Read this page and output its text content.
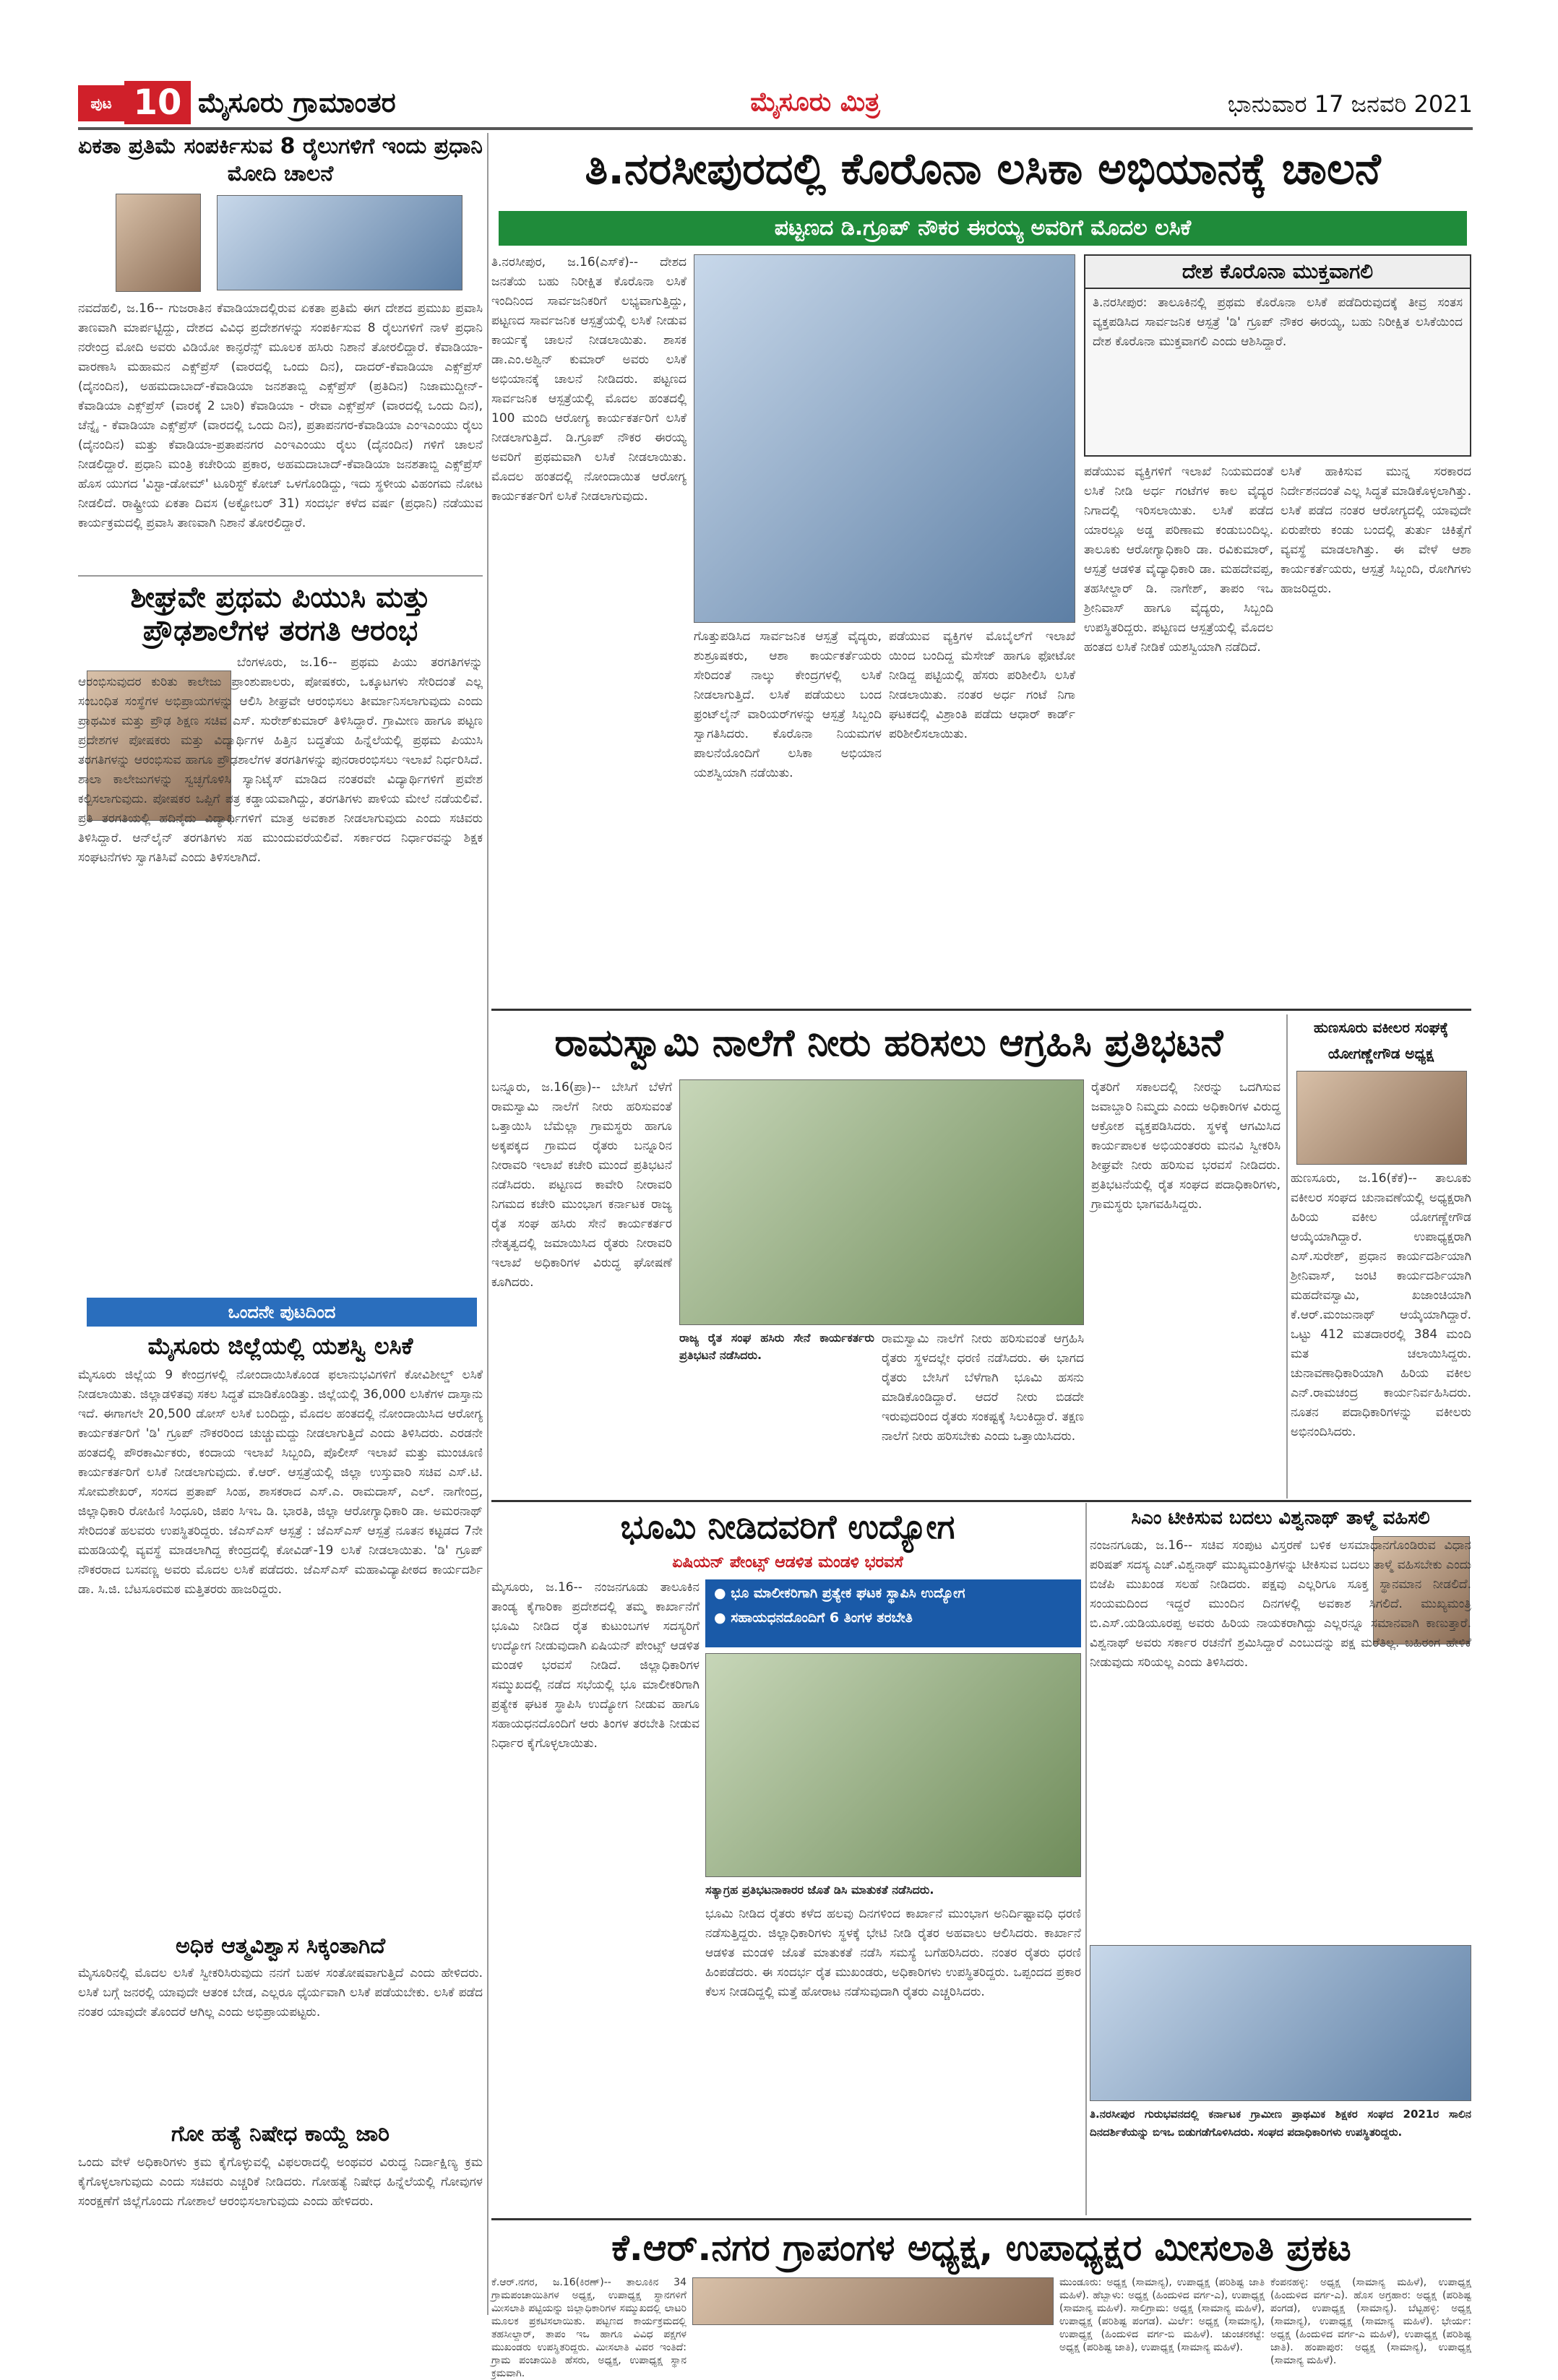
ಪುಟ 10 ಮೈಸೂರು ಗ್ರಾಮಾಂತರ	ಮೈಸೂರು ಮಿತ್ರ	ಭಾನುವಾರ 17 ಜನವರಿ 2021
ಏಕತಾ ಪ್ರತಿಮೆ ಸಂಪರ್ಕಿಸುವ 8 ರೈಲುಗಳಿಗೆ ಇಂದು ಪ್ರಧಾನಿ ಮೋದಿ ಚಾಲನೆ
ನವದೆಹಲಿ, ಜ.16-- ಗುಜರಾತಿನ ಕೆವಾಡಿಯಾದಲ್ಲಿರುವ ಏಕತಾ ಪ್ರತಿಮೆ ಈಗ ದೇಶದ ಪ್ರಮುಖ ಪ್ರವಾಸಿ ತಾಣವಾಗಿ ಮಾರ್ಪಟ್ಟಿದ್ದು, ದೇಶದ ವಿವಿಧ ಪ್ರದೇಶಗಳನ್ನು ಸಂಪರ್ಕಿಸುವ 8 ರೈಲುಗಳಿಗೆ ನಾಳೆ ಪ್ರಧಾನಿ ನರೇಂದ್ರ ಮೋದಿ ಅವರು ವಿಡಿಯೋ ಕಾನ್ಫರೆನ್ಸ್ ಮೂಲಕ ಹಸಿರು ನಿಶಾನೆ ತೋರಲಿದ್ದಾರೆ. ಕೆವಾಡಿಯಾ-ವಾರಣಾಸಿ ಮಹಾಮನ ಎಕ್ಸ್‌ಪ್ರೆಸ್ (ವಾರದಲ್ಲಿ ಒಂದು ದಿನ), ದಾದರ್-ಕೆವಾಡಿಯಾ ಎಕ್ಸ್‌ಪ್ರೆಸ್ (ದೈನಂದಿನ), ಅಹಮದಾಬಾದ್-ಕೆವಾಡಿಯಾ ಜನಶತಾಬ್ದಿ ಎಕ್ಸ್‌ಪ್ರೆಸ್ (ಪ್ರತಿದಿನ) ನಿಜಾಮುದ್ದೀನ್-ಕೆವಾಡಿಯಾ ಎಕ್ಸ್‌ಪ್ರೆಸ್ (ವಾರಕ್ಕೆ 2 ಬಾರಿ) ಕೆವಾಡಿಯಾ - ರೇವಾ ಎಕ್ಸ್‌ಪ್ರೆಸ್ (ವಾರದಲ್ಲಿ ಒಂದು ದಿನ), ಚೆನ್ನೈ - ಕೆವಾಡಿಯಾ ಎಕ್ಸ್‌ಪ್ರೆಸ್ (ವಾರದಲ್ಲಿ ಒಂದು ದಿನ), ಪ್ರತಾಪನಗರ-ಕೆವಾಡಿಯಾ ಎಂಇಎಂಯು ರೈಲು (ದೈನಂದಿನ) ಮತ್ತು ಕೆವಾಡಿಯಾ-ಪ್ರತಾಪನಗರ ಎಂಇಎಂಯು ರೈಲು (ದೈನಂದಿನ) ಗಳಿಗೆ ಚಾಲನೆ ನೀಡಲಿದ್ದಾರೆ. ಪ್ರಧಾನಿ ಮಂತ್ರಿ ಕಚೇರಿಯ ಪ್ರಕಾರ, ಅಹಮದಾಬಾದ್-ಕೆವಾಡಿಯಾ ಜನಶತಾಬ್ದಿ ಎಕ್ಸ್‌ಪ್ರೆಸ್ ಹೊಸ ಯುಗದ 'ವಿಸ್ಟಾ-ಡೋಮ್' ಟೂರಿಸ್ಟ್ ಕೋಚ್ ಒಳಗೊಂಡಿದ್ದು, ಇದು ಸ್ಥಳೀಯ ವಿಹಂಗಮ ನೋಟ ನೀಡಲಿದೆ. ರಾಷ್ಟ್ರೀಯ ಏಕತಾ ದಿವಸ (ಅಕ್ಟೋಬರ್ 31) ಸಂದರ್ಭ ಕಳೆದ ವರ್ಷ (ಪ್ರಧಾನಿ) ನಡೆಯುವ ಕಾರ್ಯಕ್ರಮದಲ್ಲಿ ಪ್ರವಾಸಿ ತಾಣವಾಗಿ ನಿಶಾನೆ ತೋರಲಿದ್ದಾರೆ.
ಶೀಘ್ರವೇ ಪ್ರಥಮ ಪಿಯುಸಿ ಮತ್ತು ಪ್ರೌಢಶಾಲೆಗಳ ತರಗತಿ ಆರಂಭ
ಬೆಂಗಳೂರು, ಜ.16-- ಪ್ರಥಮ ಪಿಯು ತರಗತಿಗಳನ್ನು ಆರಂಭಿಸುವುದರ ಕುರಿತು ಕಾಲೇಜು ಪ್ರಾಂಶುಪಾಲರು, ಪೋಷಕರು, ಒಕ್ಕೂಟಗಳು ಸೇರಿದಂತೆ ಎಲ್ಲ ಸಂಬಂಧಿತ ಸಂಸ್ಥೆಗಳ ಅಭಿಪ್ರಾಯಗಳನ್ನು ಆಲಿಸಿ ಶೀಘ್ರವೇ ಆರಂಭಿಸಲು ತೀರ್ಮಾನಿಸಲಾಗುವುದು ಎಂದು ಪ್ರಾಥಮಿಕ ಮತ್ತು ಪ್ರೌಢ ಶಿಕ್ಷಣ ಸಚಿವ ಎಸ್. ಸುರೇಶ್‌ಕುಮಾರ್ ತಿಳಿಸಿದ್ದಾರೆ. ಗ್ರಾಮೀಣ ಹಾಗೂ ಪಟ್ಟಣ ಪ್ರದೇಶಗಳ ಪೋಷಕರು ಮತ್ತು ವಿದ್ಯಾರ್ಥಿಗಳ ಹಿತ್ತಿನ ಬದ್ಧತೆಯ ಹಿನ್ನೆಲೆಯಲ್ಲಿ ಪ್ರಥಮ ಪಿಯುಸಿ ತರಗತಿಗಳನ್ನು ಆರಂಭಿಸುವ ಹಾಗೂ ಪ್ರೌಢಶಾಲೆಗಳ ತರಗತಿಗಳನ್ನು ಪುನರಾರಂಭಿಸಲು ಇಲಾಖೆ ನಿರ್ಧರಿಸಿದೆ. ಶಾಲಾ ಕಾಲೇಜುಗಳನ್ನು ಸ್ವಚ್ಛಗೊಳಿಸಿ ಸ್ಯಾನಿಟೈಸ್ ಮಾಡಿದ ನಂತರವೇ ವಿದ್ಯಾರ್ಥಿಗಳಿಗೆ ಪ್ರವೇಶ ಕಲ್ಪಿಸಲಾಗುವುದು. ಪೋಷಕರ ಒಪ್ಪಿಗೆ ಪತ್ರ ಕಡ್ಡಾಯವಾಗಿದ್ದು, ತರಗತಿಗಳು ಪಾಳಿಯ ಮೇಲೆ ನಡೆಯಲಿವೆ. ಪ್ರತಿ ತರಗತಿಯಲ್ಲಿ ಹದಿನೈದು ವಿದ್ಯಾರ್ಥಿಗಳಿಗೆ ಮಾತ್ರ ಅವಕಾಶ ನೀಡಲಾಗುವುದು ಎಂದು ಸಚಿವರು ತಿಳಿಸಿದ್ದಾರೆ. ಆನ್‌ಲೈನ್ ತರಗತಿಗಳು ಸಹ ಮುಂದುವರೆಯಲಿವೆ. ಸರ್ಕಾರದ ನಿರ್ಧಾರವನ್ನು ಶಿಕ್ಷಕ ಸಂಘಟನೆಗಳು ಸ್ವಾಗತಿಸಿವೆ ಎಂದು ತಿಳಿಸಲಾಗಿದೆ.
ಒಂದನೇ ಪುಟದಿಂದ
ಮೈಸೂರು ಜಿಲ್ಲೆಯಲ್ಲಿ ಯಶಸ್ವಿ ಲಸಿಕೆ
ಮೈಸೂರು ಜಿಲ್ಲೆಯ 9 ಕೇಂದ್ರಗಳಲ್ಲಿ ನೋಂದಾಯಿಸಿಕೊಂಡ ಫಲಾನುಭವಿಗಳಿಗೆ ಕೋವಿಶೀಲ್ಡ್ ಲಸಿಕೆ ನೀಡಲಾಯಿತು. ಜಿಲ್ಲಾಡಳಿತವು ಸಕಲ ಸಿದ್ಧತೆ ಮಾಡಿಕೊಂಡಿತ್ತು. ಜಿಲ್ಲೆಯಲ್ಲಿ 36,000 ಲಸಿಕೆಗಳ ದಾಸ್ತಾನು ಇದೆ. ಈಗಾಗಲೇ 20,500 ಡೋಸ್ ಲಸಿಕೆ ಬಂದಿದ್ದು, ಮೊದಲ ಹಂತದಲ್ಲಿ ನೋಂದಾಯಿಸಿದ ಆರೋಗ್ಯ ಕಾರ್ಯಕರ್ತರಿಗೆ 'ಡಿ' ಗ್ರೂಪ್ ನೌಕರರಿಂದ ಚುಚ್ಚುಮದ್ದು ನೀಡಲಾಗುತ್ತಿದೆ ಎಂದು ತಿಳಿಸಿದರು. ಎರಡನೇ ಹಂತದಲ್ಲಿ ಪೌರಕಾರ್ಮಿಕರು, ಕಂದಾಯ ಇಲಾಖೆ ಸಿಬ್ಬಂದಿ, ಪೊಲೀಸ್ ಇಲಾಖೆ ಮತ್ತು ಮುಂಚೂಣಿ ಕಾರ್ಯಕರ್ತರಿಗೆ ಲಸಿಕೆ ನೀಡಲಾಗುವುದು. ಕೆ.ಆರ್. ಆಸ್ಪತ್ರೆಯಲ್ಲಿ ಜಿಲ್ಲಾ ಉಸ್ತುವಾರಿ ಸಚಿವ ಎಸ್.ಟಿ. ಸೋಮಶೇಖರ್, ಸಂಸದ ಪ್ರತಾಪ್ ಸಿಂಹ, ಶಾಸಕರಾದ ಎಸ್.ಎ. ರಾಮದಾಸ್, ಎಲ್. ನಾಗೇಂದ್ರ, ಜಿಲ್ಲಾಧಿಕಾರಿ ರೋಹಿಣಿ ಸಿಂಧೂರಿ, ಜಿಪಂ ಸಿಇಒ ಡಿ. ಭಾರತಿ, ಜಿಲ್ಲಾ ಆರೋಗ್ಯಾಧಿಕಾರಿ ಡಾ. ಅಮರನಾಥ್ ಸೇರಿದಂತೆ ಹಲವರು ಉಪಸ್ಥಿತರಿದ್ದರು. ಜೆಎಸ್‌ಎಸ್ ಆಸ್ಪತ್ರೆ : ಜೆಎಸ್‌ಎಸ್ ಆಸ್ಪತ್ರೆ ನೂತನ ಕಟ್ಟಡದ 7ನೇ ಮಹಡಿಯಲ್ಲಿ ವ್ಯವಸ್ಥೆ ಮಾಡಲಾಗಿದ್ದ ಕೇಂದ್ರದಲ್ಲಿ ಕೋವಿಡ್-19 ಲಸಿಕೆ ನೀಡಲಾಯಿತು. 'ಡಿ' ಗ್ರೂಪ್ ನೌಕರರಾದ ಬಸವಣ್ಣ ಅವರು ಮೊದಲ ಲಸಿಕೆ ಪಡೆದರು. ಜೆಎಸ್‌ಎಸ್ ಮಹಾವಿದ್ಯಾಪೀಠದ ಕಾರ್ಯದರ್ಶಿ ಡಾ. ಸಿ.ಜಿ. ಬೆಟಸೂರಮಠ ಮತ್ತಿತರರು ಹಾಜರಿದ್ದರು.
ಅಧಿಕ ಆತ್ಮವಿಶ್ವಾಸ ಸಿಕ್ಕಂತಾಗಿದೆ
ಮೈಸೂರಿನಲ್ಲಿ ಮೊದಲ ಲಸಿಕೆ ಸ್ವೀಕರಿಸಿರುವುದು ನನಗೆ ಬಹಳ ಸಂತೋಷವಾಗುತ್ತಿದೆ ಎಂದು ಹೇಳಿದರು. ಲಸಿಕೆ ಬಗ್ಗೆ ಜನರಲ್ಲಿ ಯಾವುದೇ ಆತಂಕ ಬೇಡ, ಎಲ್ಲರೂ ಧೈರ್ಯವಾಗಿ ಲಸಿಕೆ ಪಡೆಯಬೇಕು. ಲಸಿಕೆ ಪಡೆದ ನಂತರ ಯಾವುದೇ ತೊಂದರೆ ಆಗಿಲ್ಲ ಎಂದು ಅಭಿಪ್ರಾಯಪಟ್ಟರು.
ಗೋ ಹತ್ಯೆ ನಿಷೇಧ ಕಾಯ್ದೆ ಜಾರಿ
ಒಂದು ವೇಳೆ ಅಧಿಕಾರಿಗಳು ಕ್ರಮ ಕೈಗೊಳ್ಳುವಲ್ಲಿ ವಿಫಲರಾದಲ್ಲಿ ಅಂಥವರ ವಿರುದ್ಧ ನಿರ್ದಾಕ್ಷಿಣ್ಯ ಕ್ರಮ ಕೈಗೊಳ್ಳಲಾಗುವುದು ಎಂದು ಸಚಿವರು ಎಚ್ಚರಿಕೆ ನೀಡಿದರು. ಗೋಹತ್ಯೆ ನಿಷೇಧ ಹಿನ್ನೆಲೆಯಲ್ಲಿ ಗೋವುಗಳ ಸಂರಕ್ಷಣೆಗೆ ಜಿಲ್ಲೆಗೊಂದು ಗೋಶಾಲೆ ಆರಂಭಿಸಲಾಗುವುದು ಎಂದು ಹೇಳಿದರು.
ತಿ.ನರಸೀಪುರದಲ್ಲಿ ಕೊರೊನಾ ಲಸಿಕಾ ಅಭಿಯಾನಕ್ಕೆ ಚಾಲನೆ
ಪಟ್ಟಣದ ಡಿ.ಗ್ರೂಪ್ ನೌಕರ ಈರಯ್ಯ ಅವರಿಗೆ ಮೊದಲ ಲಸಿಕೆ
ತಿ.ನರಸೀಪುರ, ಜ.16(ಎಸ್‌ಕೆ)-- ದೇಶದ ಜನತೆಯ ಬಹು ನಿರೀಕ್ಷಿತ ಕೊರೊನಾ ಲಸಿಕೆ ಇಂದಿನಿಂದ ಸಾರ್ವಜನಿಕರಿಗೆ ಲಭ್ಯವಾಗುತ್ತಿದ್ದು, ಪಟ್ಟಣದ ಸಾರ್ವಜನಿಕ ಆಸ್ಪತ್ರೆಯಲ್ಲಿ ಲಸಿಕೆ ನೀಡುವ ಕಾರ್ಯಕ್ಕೆ ಚಾಲನೆ ನೀಡಲಾಯಿತು. ಶಾಸಕ ಡಾ.ಎಂ.ಅಶ್ವಿನ್ ಕುಮಾರ್ ಅವರು ಲಸಿಕೆ ಅಭಿಯಾನಕ್ಕೆ ಚಾಲನೆ ನೀಡಿದರು. ಪಟ್ಟಣದ ಸಾರ್ವಜನಿಕ ಆಸ್ಪತ್ರೆಯಲ್ಲಿ ಮೊದಲ ಹಂತದಲ್ಲಿ 100 ಮಂದಿ ಆರೋಗ್ಯ ಕಾರ್ಯಕರ್ತರಿಗೆ ಲಸಿಕೆ ನೀಡಲಾಗುತ್ತಿದೆ. ಡಿ.ಗ್ರೂಪ್ ನೌಕರ ಈರಯ್ಯ ಅವರಿಗೆ ಪ್ರಥಮವಾಗಿ ಲಸಿಕೆ ನೀಡಲಾಯಿತು. ಮೊದಲ ಹಂತದಲ್ಲಿ ನೋಂದಾಯಿತ ಆರೋಗ್ಯ ಕಾರ್ಯಕರ್ತರಿಗೆ ಲಸಿಕೆ ನೀಡಲಾಗುವುದು.
ಗೊತ್ತುಪಡಿಸಿದ ಸಾರ್ವಜನಿಕ ಆಸ್ಪತ್ರೆ ವೈದ್ಯರು, ಶುಶ್ರೂಷಕರು, ಆಶಾ ಕಾರ್ಯಕರ್ತೆಯರು ಸೇರಿದಂತೆ ನಾಲ್ಕು ಕೇಂದ್ರಗಳಲ್ಲಿ ಲಸಿಕೆ ನೀಡಲಾಗುತ್ತಿದೆ. ಲಸಿಕೆ ಪಡೆಯಲು ಬಂದ ಫ್ರಂಟ್‌ಲೈನ್ ವಾರಿಯರ್‌ಗಳನ್ನು ಆಸ್ಪತ್ರೆ ಸಿಬ್ಬಂದಿ ಸ್ವಾಗತಿಸಿದರು. ಕೊರೊನಾ ನಿಯಮಗಳ ಪಾಲನೆಯೊಂದಿಗೆ ಲಸಿಕಾ ಅಭಿಯಾನ ಯಶಸ್ವಿಯಾಗಿ ನಡೆಯಿತು.
ಪಡೆಯುವ ವ್ಯಕ್ತಿಗಳ ಮೊಬೈಲ್‌ಗೆ ಇಲಾಖೆ ಯಿಂದ ಬಂದಿದ್ದ ಮೆಸೇಜ್ ಹಾಗೂ ಫೋಟೋ ನೀಡಿದ್ದ ಪಟ್ಟಿಯಲ್ಲಿ ಹೆಸರು ಪರಿಶೀಲಿಸಿ ಲಸಿಕೆ ನೀಡಲಾಯಿತು. ನಂತರ ಅರ್ಧ ಗಂಟೆ ನಿಗಾ ಘಟಕದಲ್ಲಿ ವಿಶ್ರಾಂತಿ ಪಡೆದು ಆಧಾರ್ ಕಾರ್ಡ್ ಪರಿಶೀಲಿಸಲಾಯಿತು.
ದೇಶ ಕೊರೊನಾ ಮುಕ್ತವಾಗಲಿ
ತಿ.ನರಸೀಪುರ: ತಾಲೂಕಿನಲ್ಲಿ ಪ್ರಥಮ ಕೊರೊನಾ ಲಸಿಕೆ ಪಡೆದಿರುವುದಕ್ಕೆ ತೀವ್ರ ಸಂತಸ ವ್ಯಕ್ತಪಡಿಸಿದ ಸಾರ್ವಜನಿಕ ಆಸ್ಪತ್ರೆ 'ಡಿ' ಗ್ರೂಪ್ ನೌಕರ ಈರಯ್ಯ, ಬಹು ನಿರೀಕ್ಷಿತ ಲಸಿಕೆಯಿಂದ ದೇಶ ಕೊರೊನಾ ಮುಕ್ತವಾಗಲಿ ಎಂದು ಆಶಿಸಿದ್ದಾರೆ.
ಪಡೆಯುವ ವ್ಯಕ್ತಿಗಳಿಗೆ ಇಲಾಖೆ ನಿಯಮದಂತೆ ಲಸಿಕೆ ನೀಡಿ ಅರ್ಧ ಗಂಟೆಗಳ ಕಾಲ ವೈದ್ಯರ ನಿಗಾದಲ್ಲಿ ಇರಿಸಲಾಯಿತು. ಲಸಿಕೆ ಪಡೆದ ಯಾರಲ್ಲೂ ಅಡ್ಡ ಪರಿಣಾಮ ಕಂಡುಬಂದಿಲ್ಲ. ತಾಲೂಕು ಆರೋಗ್ಯಾಧಿಕಾರಿ ಡಾ. ರವಿಕುಮಾರ್, ಆಸ್ಪತ್ರೆ ಆಡಳಿತ ವೈದ್ಯಾಧಿಕಾರಿ ಡಾ. ಮಹದೇವಪ್ಪ, ತಹಸೀಲ್ದಾರ್ ಡಿ. ನಾಗೇಶ್, ತಾಪಂ ಇಒ ಶ್ರೀನಿವಾಸ್ ಹಾಗೂ ವೈದ್ಯರು, ಸಿಬ್ಬಂದಿ ಉಪಸ್ಥಿತರಿದ್ದರು. ಪಟ್ಟಣದ ಆಸ್ಪತ್ರೆಯಲ್ಲಿ ಮೊದಲ ಹಂತದ ಲಸಿಕೆ ನೀಡಿಕೆ ಯಶಸ್ವಿಯಾಗಿ ನಡೆದಿದೆ.
ಲಸಿಕೆ ಹಾಕಿಸುವ ಮುನ್ನ ಸರಕಾರದ ನಿರ್ದೇಶನದಂತೆ ಎಲ್ಲ ಸಿದ್ಧತೆ ಮಾಡಿಕೊಳ್ಳಲಾಗಿತ್ತು. ಲಸಿಕೆ ಪಡೆದ ನಂತರ ಆರೋಗ್ಯದಲ್ಲಿ ಯಾವುದೇ ಏರುಪೇರು ಕಂಡು ಬಂದಲ್ಲಿ ತುರ್ತು ಚಿಕಿತ್ಸೆಗೆ ವ್ಯವಸ್ಥೆ ಮಾಡಲಾಗಿತ್ತು. ಈ ವೇಳೆ ಆಶಾ ಕಾರ್ಯಕರ್ತೆಯರು, ಆಸ್ಪತ್ರೆ ಸಿಬ್ಬಂದಿ, ರೋಗಿಗಳು ಹಾಜರಿದ್ದರು.
ರಾಮಸ್ವಾಮಿ ನಾಲೆಗೆ ನೀರು ಹರಿಸಲು ಆಗ್ರಹಿಸಿ ಪ್ರತಿಭಟನೆ
ಬನ್ನೂರು, ಜ.16(ಪ್ರಾ)-- ಬೇಸಿಗೆ ಬೆಳೆಗೆ ರಾಮಸ್ವಾಮಿ ನಾಲೆಗೆ ನೀರು ಹರಿಸುವಂತೆ ಒತ್ತಾಯಿಸಿ ಬೆಮೆಲ್ಲಾ ಗ್ರಾಮಸ್ಥರು ಹಾಗೂ ಅಕ್ಕಪಕ್ಕದ ಗ್ರಾಮದ ರೈತರು ಬನ್ನೂರಿನ ನೀರಾವರಿ ಇಲಾಖೆ ಕಚೇರಿ ಮುಂದೆ ಪ್ರತಿಭಟನೆ ನಡೆಸಿದರು. ಪಟ್ಟಣದ ಕಾವೇರಿ ನೀರಾವರಿ ನಿಗಮದ ಕಚೇರಿ ಮುಂಭಾಗ ಕರ್ನಾಟಕ ರಾಜ್ಯ ರೈತ ಸಂಘ ಹಸಿರು ಸೇನೆ ಕಾರ್ಯಕರ್ತರ ನೇತೃತ್ವದಲ್ಲಿ ಜಮಾಯಿಸಿದ ರೈತರು ನೀರಾವರಿ ಇಲಾಖೆ ಅಧಿಕಾರಿಗಳ ವಿರುದ್ಧ ಘೋಷಣೆ ಕೂಗಿದರು.
ರಾಜ್ಯ ರೈತ ಸಂಘ ಹಸಿರು ಸೇನೆ ಕಾರ್ಯಕರ್ತರು ಪ್ರತಿಭಟನೆ ನಡೆಸಿದರು.
ರಾಮಸ್ವಾಮಿ ನಾಲೆಗೆ ನೀರು ಹರಿಸುವಂತೆ ಆಗ್ರಹಿಸಿ ರೈತರು ಸ್ಥಳದಲ್ಲೇ ಧರಣಿ ನಡೆಸಿದರು. ಈ ಭಾಗದ ರೈತರು ಬೇಸಿಗೆ ಬೆಳೆಗಾಗಿ ಭೂಮಿ ಹಸನು ಮಾಡಿಕೊಂಡಿದ್ದಾರೆ. ಆದರೆ ನೀರು ಬಿಡದೇ ಇರುವುದರಿಂದ ರೈತರು ಸಂಕಷ್ಟಕ್ಕೆ ಸಿಲುಕಿದ್ದಾರೆ. ತಕ್ಷಣ ನಾಲೆಗೆ ನೀರು ಹರಿಸಬೇಕು ಎಂದು ಒತ್ತಾಯಿಸಿದರು.
ರೈತರಿಗೆ ಸಕಾಲದಲ್ಲಿ ನೀರನ್ನು ಒದಗಿಸುವ ಜವಾಬ್ದಾರಿ ನಿಮ್ಮದು ಎಂದು ಅಧಿಕಾರಿಗಳ ವಿರುದ್ಧ ಆಕ್ರೋಶ ವ್ಯಕ್ತಪಡಿಸಿದರು. ಸ್ಥಳಕ್ಕೆ ಆಗಮಿಸಿದ ಕಾರ್ಯಪಾಲಕ ಅಭಿಯಂತರರು ಮನವಿ ಸ್ವೀಕರಿಸಿ ಶೀಘ್ರವೇ ನೀರು ಹರಿಸುವ ಭರವಸೆ ನೀಡಿದರು. ಪ್ರತಿಭಟನೆಯಲ್ಲಿ ರೈತ ಸಂಘದ ಪದಾಧಿಕಾರಿಗಳು, ಗ್ರಾಮಸ್ಥರು ಭಾಗವಹಿಸಿದ್ದರು.
ಹುಣಸೂರು ವಕೀಲರ ಸಂಘಕ್ಕೆ ಯೋಗಣ್ಣೇಗೌಡ ಅಧ್ಯಕ್ಷ
ಹುಣಸೂರು, ಜ.16(ಕೆಕೆ)-- ತಾಲೂಕು ವಕೀಲರ ಸಂಘದ ಚುನಾವಣೆಯಲ್ಲಿ ಅಧ್ಯಕ್ಷರಾಗಿ ಹಿರಿಯ ವಕೀಲ ಯೋಗಣ್ಣೇಗೌಡ ಆಯ್ಕೆಯಾಗಿದ್ದಾರೆ. ಉಪಾಧ್ಯಕ್ಷರಾಗಿ ಎಸ್.ಸುರೇಶ್, ಪ್ರಧಾನ ಕಾರ್ಯದರ್ಶಿಯಾಗಿ ಶ್ರೀನಿವಾಸ್, ಜಂಟಿ ಕಾರ್ಯದರ್ಶಿಯಾಗಿ ಮಹದೇವಸ್ವಾಮಿ, ಖಜಾಂಚಿಯಾಗಿ ಕೆ.ಆರ್.ಮಂಜುನಾಥ್ ಆಯ್ಕೆಯಾಗಿದ್ದಾರೆ. ಒಟ್ಟು 412 ಮತದಾರರಲ್ಲಿ 384 ಮಂದಿ ಮತ ಚಲಾಯಿಸಿದ್ದರು. ಚುನಾವಣಾಧಿಕಾರಿಯಾಗಿ ಹಿರಿಯ ವಕೀಲ ಎನ್.ರಾಮಚಂದ್ರ ಕಾರ್ಯನಿರ್ವಹಿಸಿದರು. ನೂತನ ಪದಾಧಿಕಾರಿಗಳನ್ನು ವಕೀಲರು ಅಭಿನಂದಿಸಿದರು.
ಭೂಮಿ ನೀಡಿದವರಿಗೆ ಉದ್ಯೋಗ
ಏಷಿಯನ್ ಪೇಂಟ್ಸ್ ಆಡಳಿತ ಮಂಡಳಿ ಭರವಸೆ
ಮೈಸೂರು, ಜ.16-- ನಂಜನಗೂಡು ತಾಲೂಕಿನ ತಾಂಡ್ಯ ಕೈಗಾರಿಕಾ ಪ್ರದೇಶದಲ್ಲಿ ತಮ್ಮ ಕಾರ್ಖಾನೆಗೆ ಭೂಮಿ ನೀಡಿದ ರೈತ ಕುಟುಂಬಗಳ ಸದಸ್ಯರಿಗೆ ಉದ್ಯೋಗ ನೀಡುವುದಾಗಿ ಏಷಿಯನ್ ಪೇಂಟ್ಸ್ ಆಡಳಿತ ಮಂಡಳಿ ಭರವಸೆ ನೀಡಿದೆ. ಜಿಲ್ಲಾಧಿಕಾರಿಗಳ ಸಮ್ಮುಖದಲ್ಲಿ ನಡೆದ ಸಭೆಯಲ್ಲಿ ಭೂ ಮಾಲೀಕರಿಗಾಗಿ ಪ್ರತ್ಯೇಕ ಘಟಕ ಸ್ಥಾಪಿಸಿ ಉದ್ಯೋಗ ನೀಡುವ ಹಾಗೂ ಸಹಾಯಧನದೊಂದಿಗೆ ಆರು ತಿಂಗಳ ತರಬೇತಿ ನೀಡುವ ನಿರ್ಧಾರ ಕೈಗೊಳ್ಳಲಾಯಿತು.
● ಭೂ ಮಾಲೀಕರಿಗಾಗಿ ಪ್ರತ್ಯೇಕ ಘಟಕ ಸ್ಥಾಪಿಸಿ ಉದ್ಯೋಗ
● ಸಹಾಯಧನದೊಂದಿಗೆ 6 ತಿಂಗಳ ತರಬೇತಿ
ಸತ್ಯಾಗ್ರಹ ಪ್ರತಿಭಟನಾಕಾರರ ಜೊತೆ ಡಿಸಿ ಮಾತುಕತೆ ನಡೆಸಿದರು.
ಭೂಮಿ ನೀಡಿದ ರೈತರು ಕಳೆದ ಹಲವು ದಿನಗಳಿಂದ ಕಾರ್ಖಾನೆ ಮುಂಭಾಗ ಅನಿರ್ದಿಷ್ಟಾವಧಿ ಧರಣಿ ನಡೆಸುತ್ತಿದ್ದರು. ಜಿಲ್ಲಾಧಿಕಾರಿಗಳು ಸ್ಥಳಕ್ಕೆ ಭೇಟಿ ನೀಡಿ ರೈತರ ಅಹವಾಲು ಆಲಿಸಿದರು. ಕಾರ್ಖಾನೆ ಆಡಳಿತ ಮಂಡಳಿ ಜೊತೆ ಮಾತುಕತೆ ನಡೆಸಿ ಸಮಸ್ಯೆ ಬಗೆಹರಿಸಿದರು. ನಂತರ ರೈತರು ಧರಣಿ ಹಿಂಪಡೆದರು. ಈ ಸಂದರ್ಭ ರೈತ ಮುಖಂಡರು, ಅಧಿಕಾರಿಗಳು ಉಪಸ್ಥಿತರಿದ್ದರು. ಒಪ್ಪಂದದ ಪ್ರಕಾರ ಕೆಲಸ ನೀಡದಿದ್ದಲ್ಲಿ ಮತ್ತೆ ಹೋರಾಟ ನಡೆಸುವುದಾಗಿ ರೈತರು ಎಚ್ಚರಿಸಿದರು.
ಸಿಎಂ ಟೀಕಿಸುವ ಬದಲು ವಿಶ್ವನಾಥ್ ತಾಳ್ಮೆ ವಹಿಸಲಿ
ನಂಜನಗೂಡು, ಜ.16-- ಸಚಿವ ಸಂಪುಟ ವಿಸ್ತರಣೆ ಬಳಿಕ ಅಸಮಾಧಾನಗೊಂಡಿರುವ ವಿಧಾನ ಪರಿಷತ್ ಸದಸ್ಯ ಎಚ್.ವಿಶ್ವನಾಥ್ ಮುಖ್ಯಮಂತ್ರಿಗಳನ್ನು ಟೀಕಿಸುವ ಬದಲು ತಾಳ್ಮೆ ವಹಿಸಬೇಕು ಎಂದು ಬಿಜೆಪಿ ಮುಖಂಡ ಸಲಹೆ ನೀಡಿದರು. ಪಕ್ಷವು ಎಲ್ಲರಿಗೂ ಸೂಕ್ತ ಸ್ಥಾನಮಾನ ನೀಡಲಿದೆ. ಸಂಯಮದಿಂದ ಇದ್ದರೆ ಮುಂದಿನ ದಿನಗಳಲ್ಲಿ ಅವಕಾಶ ಸಿಗಲಿದೆ. ಮುಖ್ಯಮಂತ್ರಿ ಬಿ.ಎಸ್.ಯಡಿಯೂರಪ್ಪ ಅವರು ಹಿರಿಯ ನಾಯಕರಾಗಿದ್ದು ಎಲ್ಲರನ್ನೂ ಸಮಾನವಾಗಿ ಕಾಣುತ್ತಾರೆ. ವಿಶ್ವನಾಥ್ ಅವರು ಸರ್ಕಾರ ರಚನೆಗೆ ಶ್ರಮಿಸಿದ್ದಾರೆ ಎಂಬುದನ್ನು ಪಕ್ಷ ಮರೆತಿಲ್ಲ. ಬಹಿರಂಗ ಹೇಳಿಕೆ ನೀಡುವುದು ಸರಿಯಲ್ಲ ಎಂದು ತಿಳಿಸಿದರು.
ತಿ.ನರಸೀಪುರ ಗುರುಭವನದಲ್ಲಿ ಕರ್ನಾಟಕ ಗ್ರಾಮೀಣ ಪ್ರಾಥಮಿಕ ಶಿಕ್ಷಕರ ಸಂಘದ 2021ರ ಸಾಲಿನ ದಿನದರ್ಶಿಕೆಯನ್ನು ಬಿಇಒ ಬಿಡುಗಡೆಗೊಳಿಸಿದರು. ಸಂಘದ ಪದಾಧಿಕಾರಿಗಳು ಉಪಸ್ಥಿತರಿದ್ದರು.
ಕೆ.ಆರ್.ನಗರ ಗ್ರಾಪಂಗಳ ಅಧ್ಯಕ್ಷ, ಉಪಾಧ್ಯಕ್ಷರ ಮೀಸಲಾತಿ ಪ್ರಕಟ
ಕೆ.ಆರ್.ನಗರ, ಜ.16(ಕಿರಣ್)-- ತಾಲೂಕಿನ 34 ಗ್ರಾಮಪಂಚಾಯಿತಿಗಳ ಅಧ್ಯಕ್ಷ, ಉಪಾಧ್ಯಕ್ಷ ಸ್ಥಾನಗಳಿಗೆ ಮೀಸಲಾತಿ ಪಟ್ಟಿಯನ್ನು ಜಿಲ್ಲಾಧಿಕಾರಿಗಳ ಸಮ್ಮುಖದಲ್ಲಿ ಲಾಟರಿ ಮೂಲಕ ಪ್ರಕಟಿಸಲಾಯಿತು. ಪಟ್ಟಣದ ಕಾರ್ಯಕ್ರಮದಲ್ಲಿ ತಹಸೀಲ್ದಾರ್, ತಾಪಂ ಇಒ ಹಾಗೂ ವಿವಿಧ ಪಕ್ಷಗಳ ಮುಖಂಡರು ಉಪಸ್ಥಿತರಿದ್ದರು. ಮೀಸಲಾತಿ ವಿವರ ಇಂತಿದೆ: ಗ್ರಾಮ ಪಂಚಾಯಿತಿ ಹೆಸರು, ಅಧ್ಯಕ್ಷ, ಉಪಾಧ್ಯಕ್ಷ ಸ್ಥಾನ ಕ್ರಮವಾಗಿ.
ಮುಂಡೂರು: ಅಧ್ಯಕ್ಷ (ಸಾಮಾನ್ಯ), ಉಪಾಧ್ಯಕ್ಷ (ಪರಿಶಿಷ್ಟ ಜಾತಿ ಮಹಿಳೆ). ಹೆಬ್ಬಾಳು: ಅಧ್ಯಕ್ಷ (ಹಿಂದುಳಿದ ವರ್ಗ-ಎ), ಉಪಾಧ್ಯಕ್ಷ (ಸಾಮಾನ್ಯ ಮಹಿಳೆ). ಸಾಲಿಗ್ರಾಮ: ಅಧ್ಯಕ್ಷ (ಸಾಮಾನ್ಯ ಮಹಿಳೆ), ಉಪಾಧ್ಯಕ್ಷ (ಪರಿಶಿಷ್ಟ ಪಂಗಡ). ಮಿರ್ಲೆ: ಅಧ್ಯಕ್ಷ (ಸಾಮಾನ್ಯ), ಉಪಾಧ್ಯಕ್ಷ (ಹಿಂದುಳಿದ ವರ್ಗ-ಬಿ ಮಹಿಳೆ). ಚುಂಚನಕಟ್ಟೆ: ಅಧ್ಯಕ್ಷ (ಪರಿಶಿಷ್ಟ ಜಾತಿ), ಉಪಾಧ್ಯಕ್ಷ (ಸಾಮಾನ್ಯ ಮಹಿಳೆ).
ಕೆಂಪನಹಳ್ಳಿ: ಅಧ್ಯಕ್ಷ (ಸಾಮಾನ್ಯ ಮಹಿಳೆ), ಉಪಾಧ್ಯಕ್ಷ (ಹಿಂದುಳಿದ ವರ್ಗ-ಎ). ಹೊಸ ಅಗ್ರಹಾರ: ಅಧ್ಯಕ್ಷ (ಪರಿಶಿಷ್ಟ ಪಂಗಡ), ಉಪಾಧ್ಯಕ್ಷ (ಸಾಮಾನ್ಯ). ಬೆಟ್ಟಹಳ್ಳಿ: ಅಧ್ಯಕ್ಷ (ಸಾಮಾನ್ಯ), ಉಪಾಧ್ಯಕ್ಷ (ಸಾಮಾನ್ಯ ಮಹಿಳೆ). ಭೇರ್ಯ: ಅಧ್ಯಕ್ಷ (ಹಿಂದುಳಿದ ವರ್ಗ-ಎ ಮಹಿಳೆ), ಉಪಾಧ್ಯಕ್ಷ (ಪರಿಶಿಷ್ಟ ಜಾತಿ). ಹಂಪಾಪುರ: ಅಧ್ಯಕ್ಷ (ಸಾಮಾನ್ಯ), ಉಪಾಧ್ಯಕ್ಷ (ಸಾಮಾನ್ಯ ಮಹಿಳೆ).
